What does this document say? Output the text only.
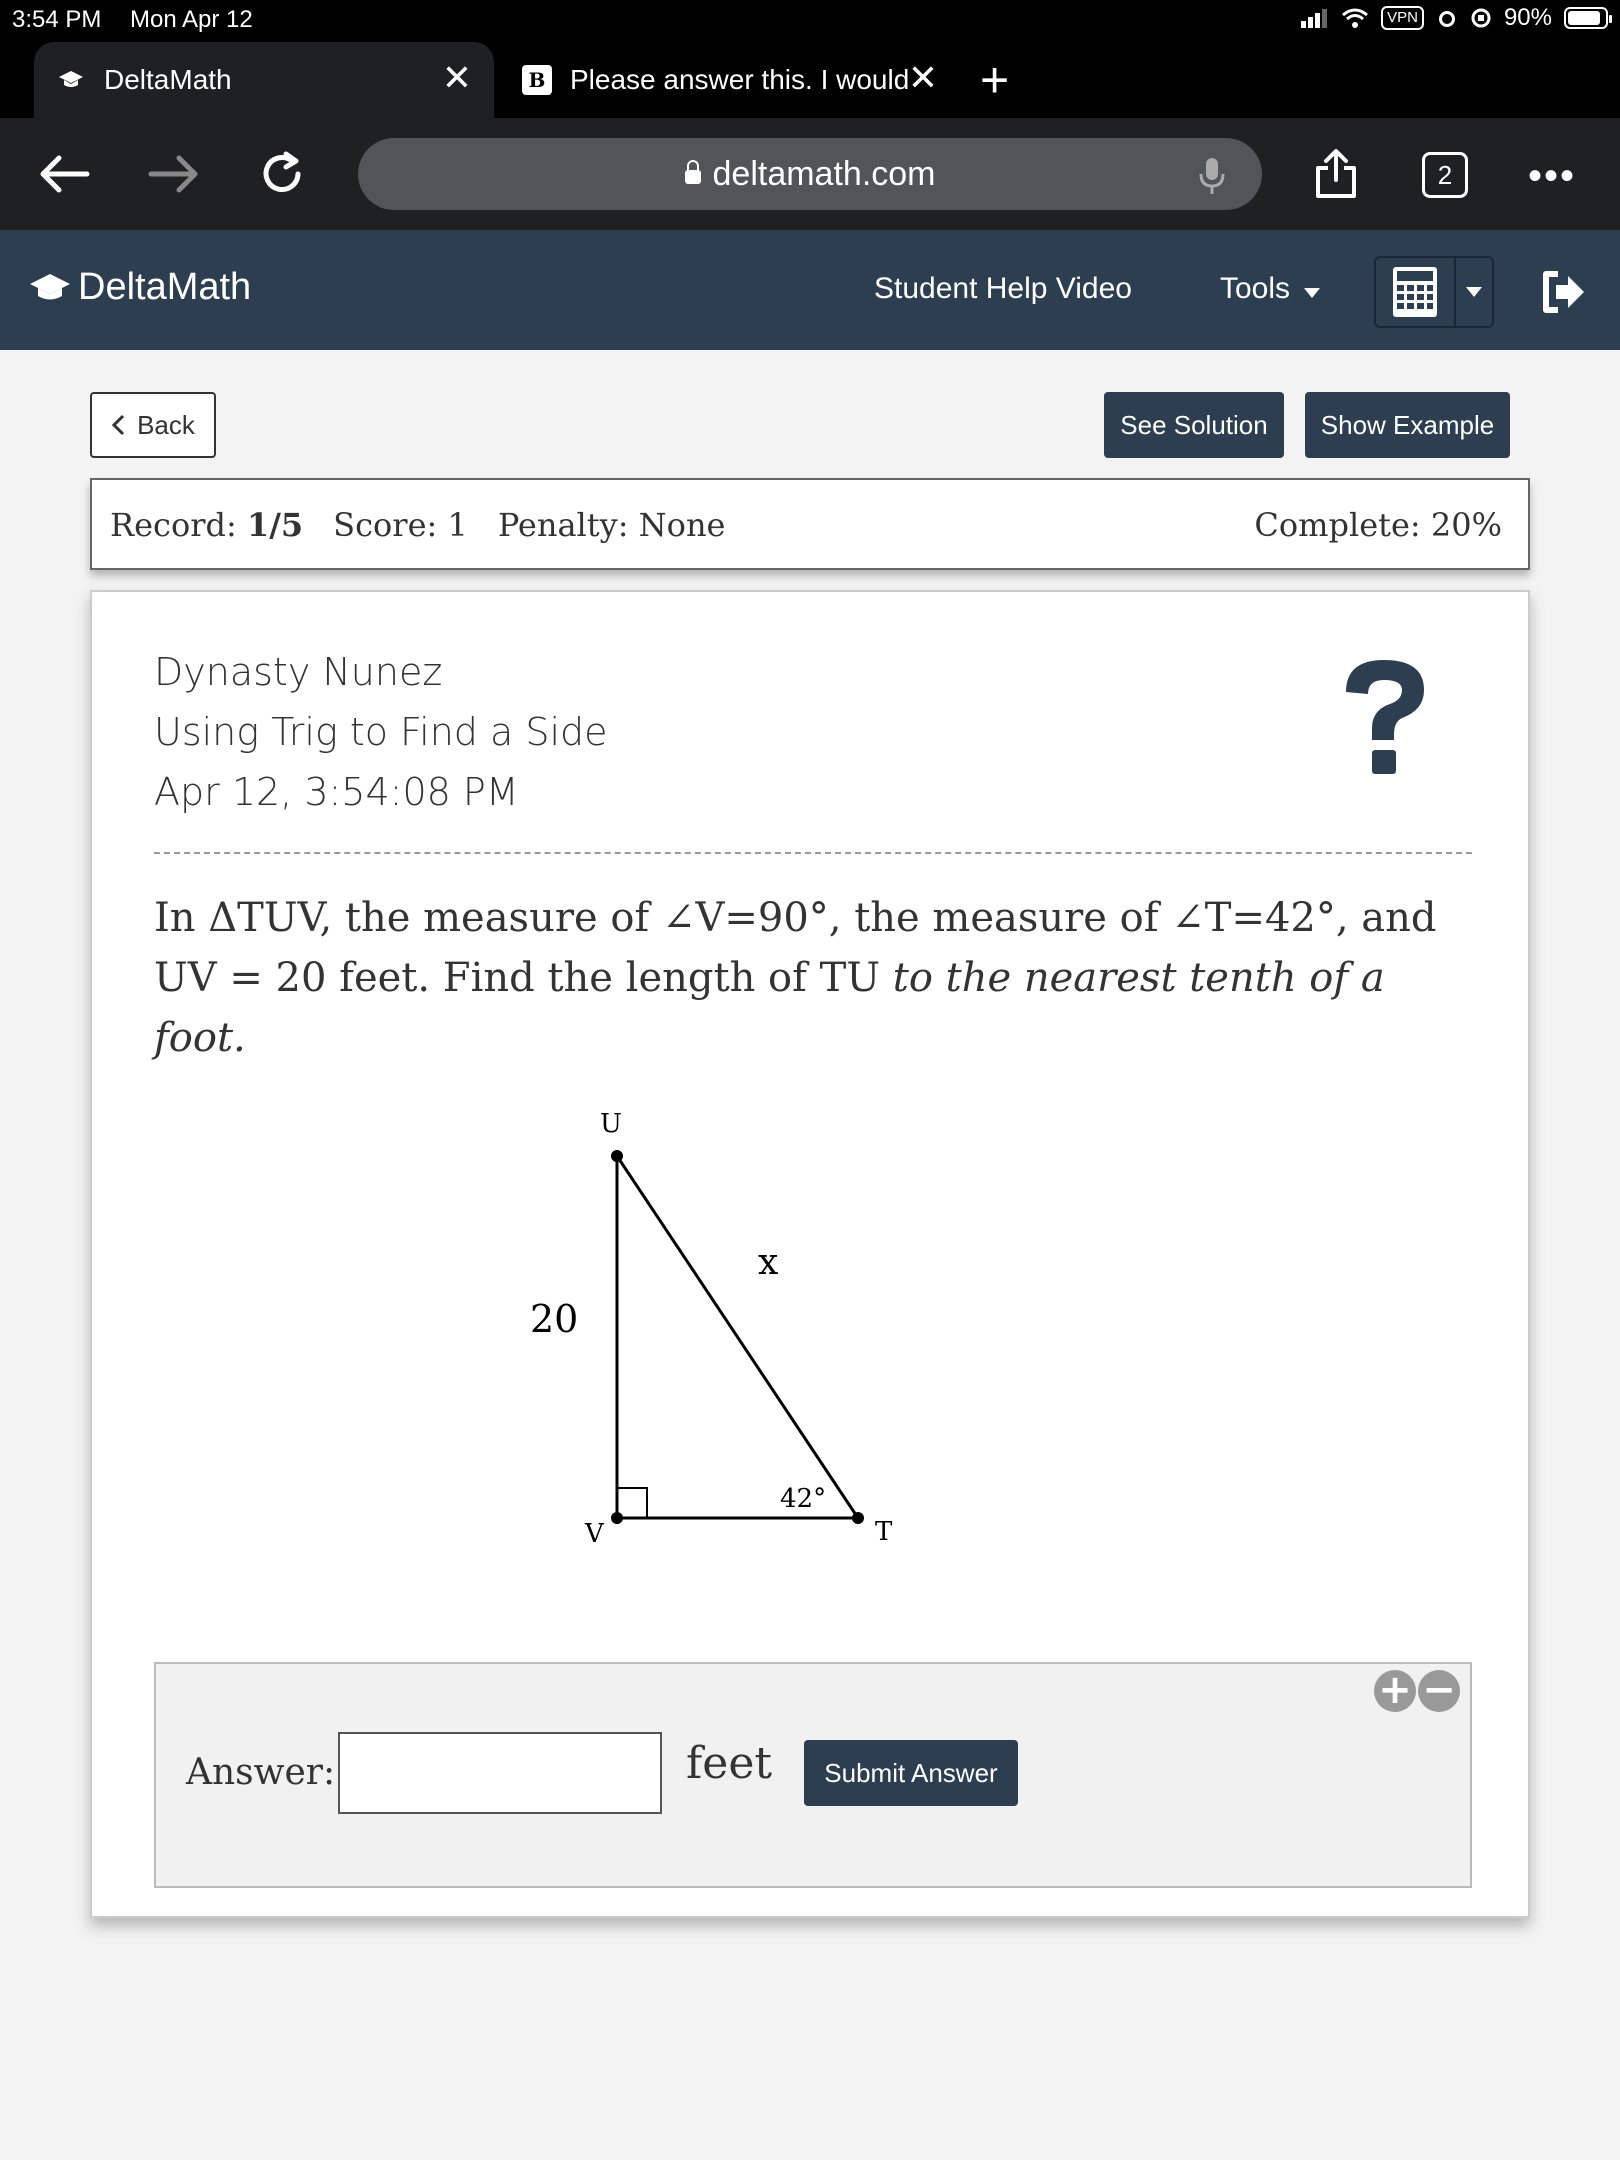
3:54 PM Mon Apr 12	VPN	90%
DeltaMath	✕	B Please answer this. I would
✕ +
deltamath.com	2	•••
DeltaMath	Student Help Video	Tools
Back	See Solution	Show Example
Record: 1/5 Score: 1 Penalty: None	Complete: 20%
Dynasty Nunez
Using Trig to Find a Side
Apr 12, 3:54:08 PM
In ΔTUV, the measure of ∠V=90°, the measure of ∠T=42°, and UV = 20 feet. Find the length of TU to the nearest tenth of a foot.
U
V	T
20
x
42°
+ −
Answer:	feet	Submit Answer
